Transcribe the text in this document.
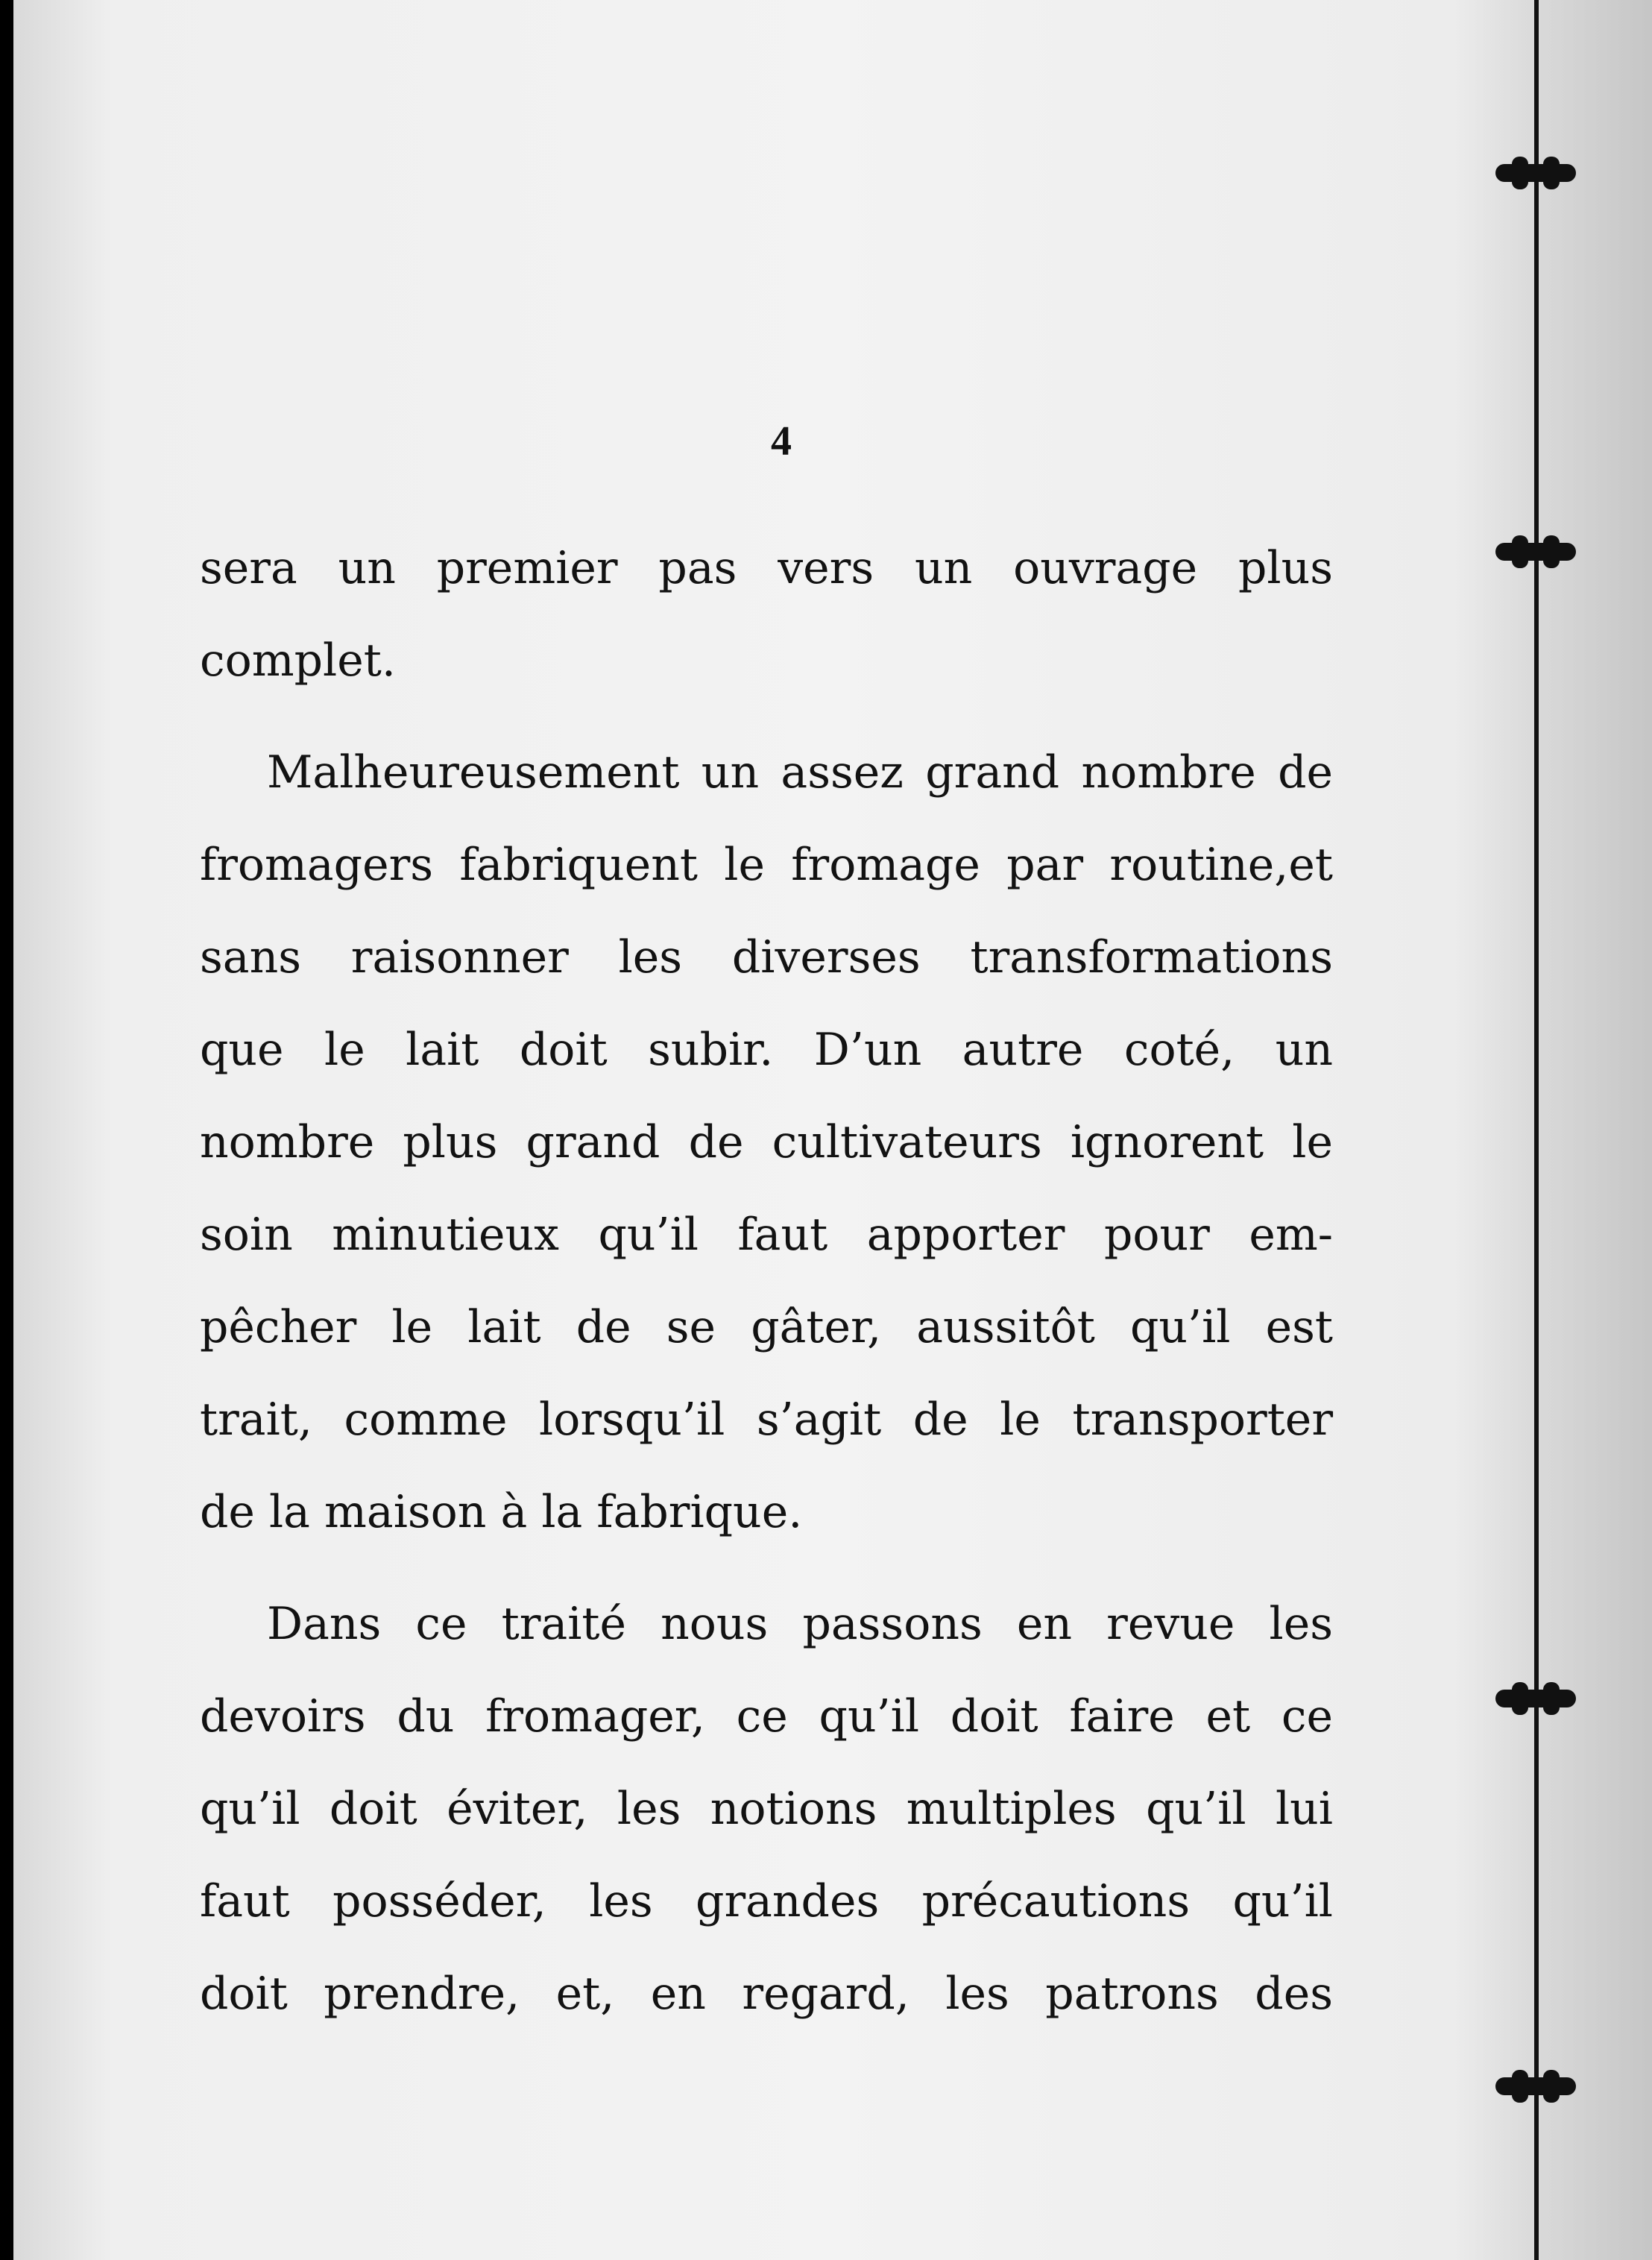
4
sera un premier pas vers un ouvrage plus
complet.
Malheureusement un assez grand nombre de
fromagers fabriquent le fromage par routine,et
sans raisonner les diverses transformations
que le lait doit subir. D’un autre coté, un
nombre plus grand de cultivateurs ignorent le
soin minutieux qu’il faut apporter pour em-
pêcher le lait de se gâter, aussitôt qu’il est
trait, comme lorsqu’il s’agit de le transporter
de la maison à la fabrique.
Dans ce traité nous passons en revue les
devoirs du fromager, ce qu’il doit faire et ce
qu’il doit éviter, les notions multiples qu’il lui
faut posséder, les grandes précautions qu’il
doit prendre, et, en regard, les patrons des
